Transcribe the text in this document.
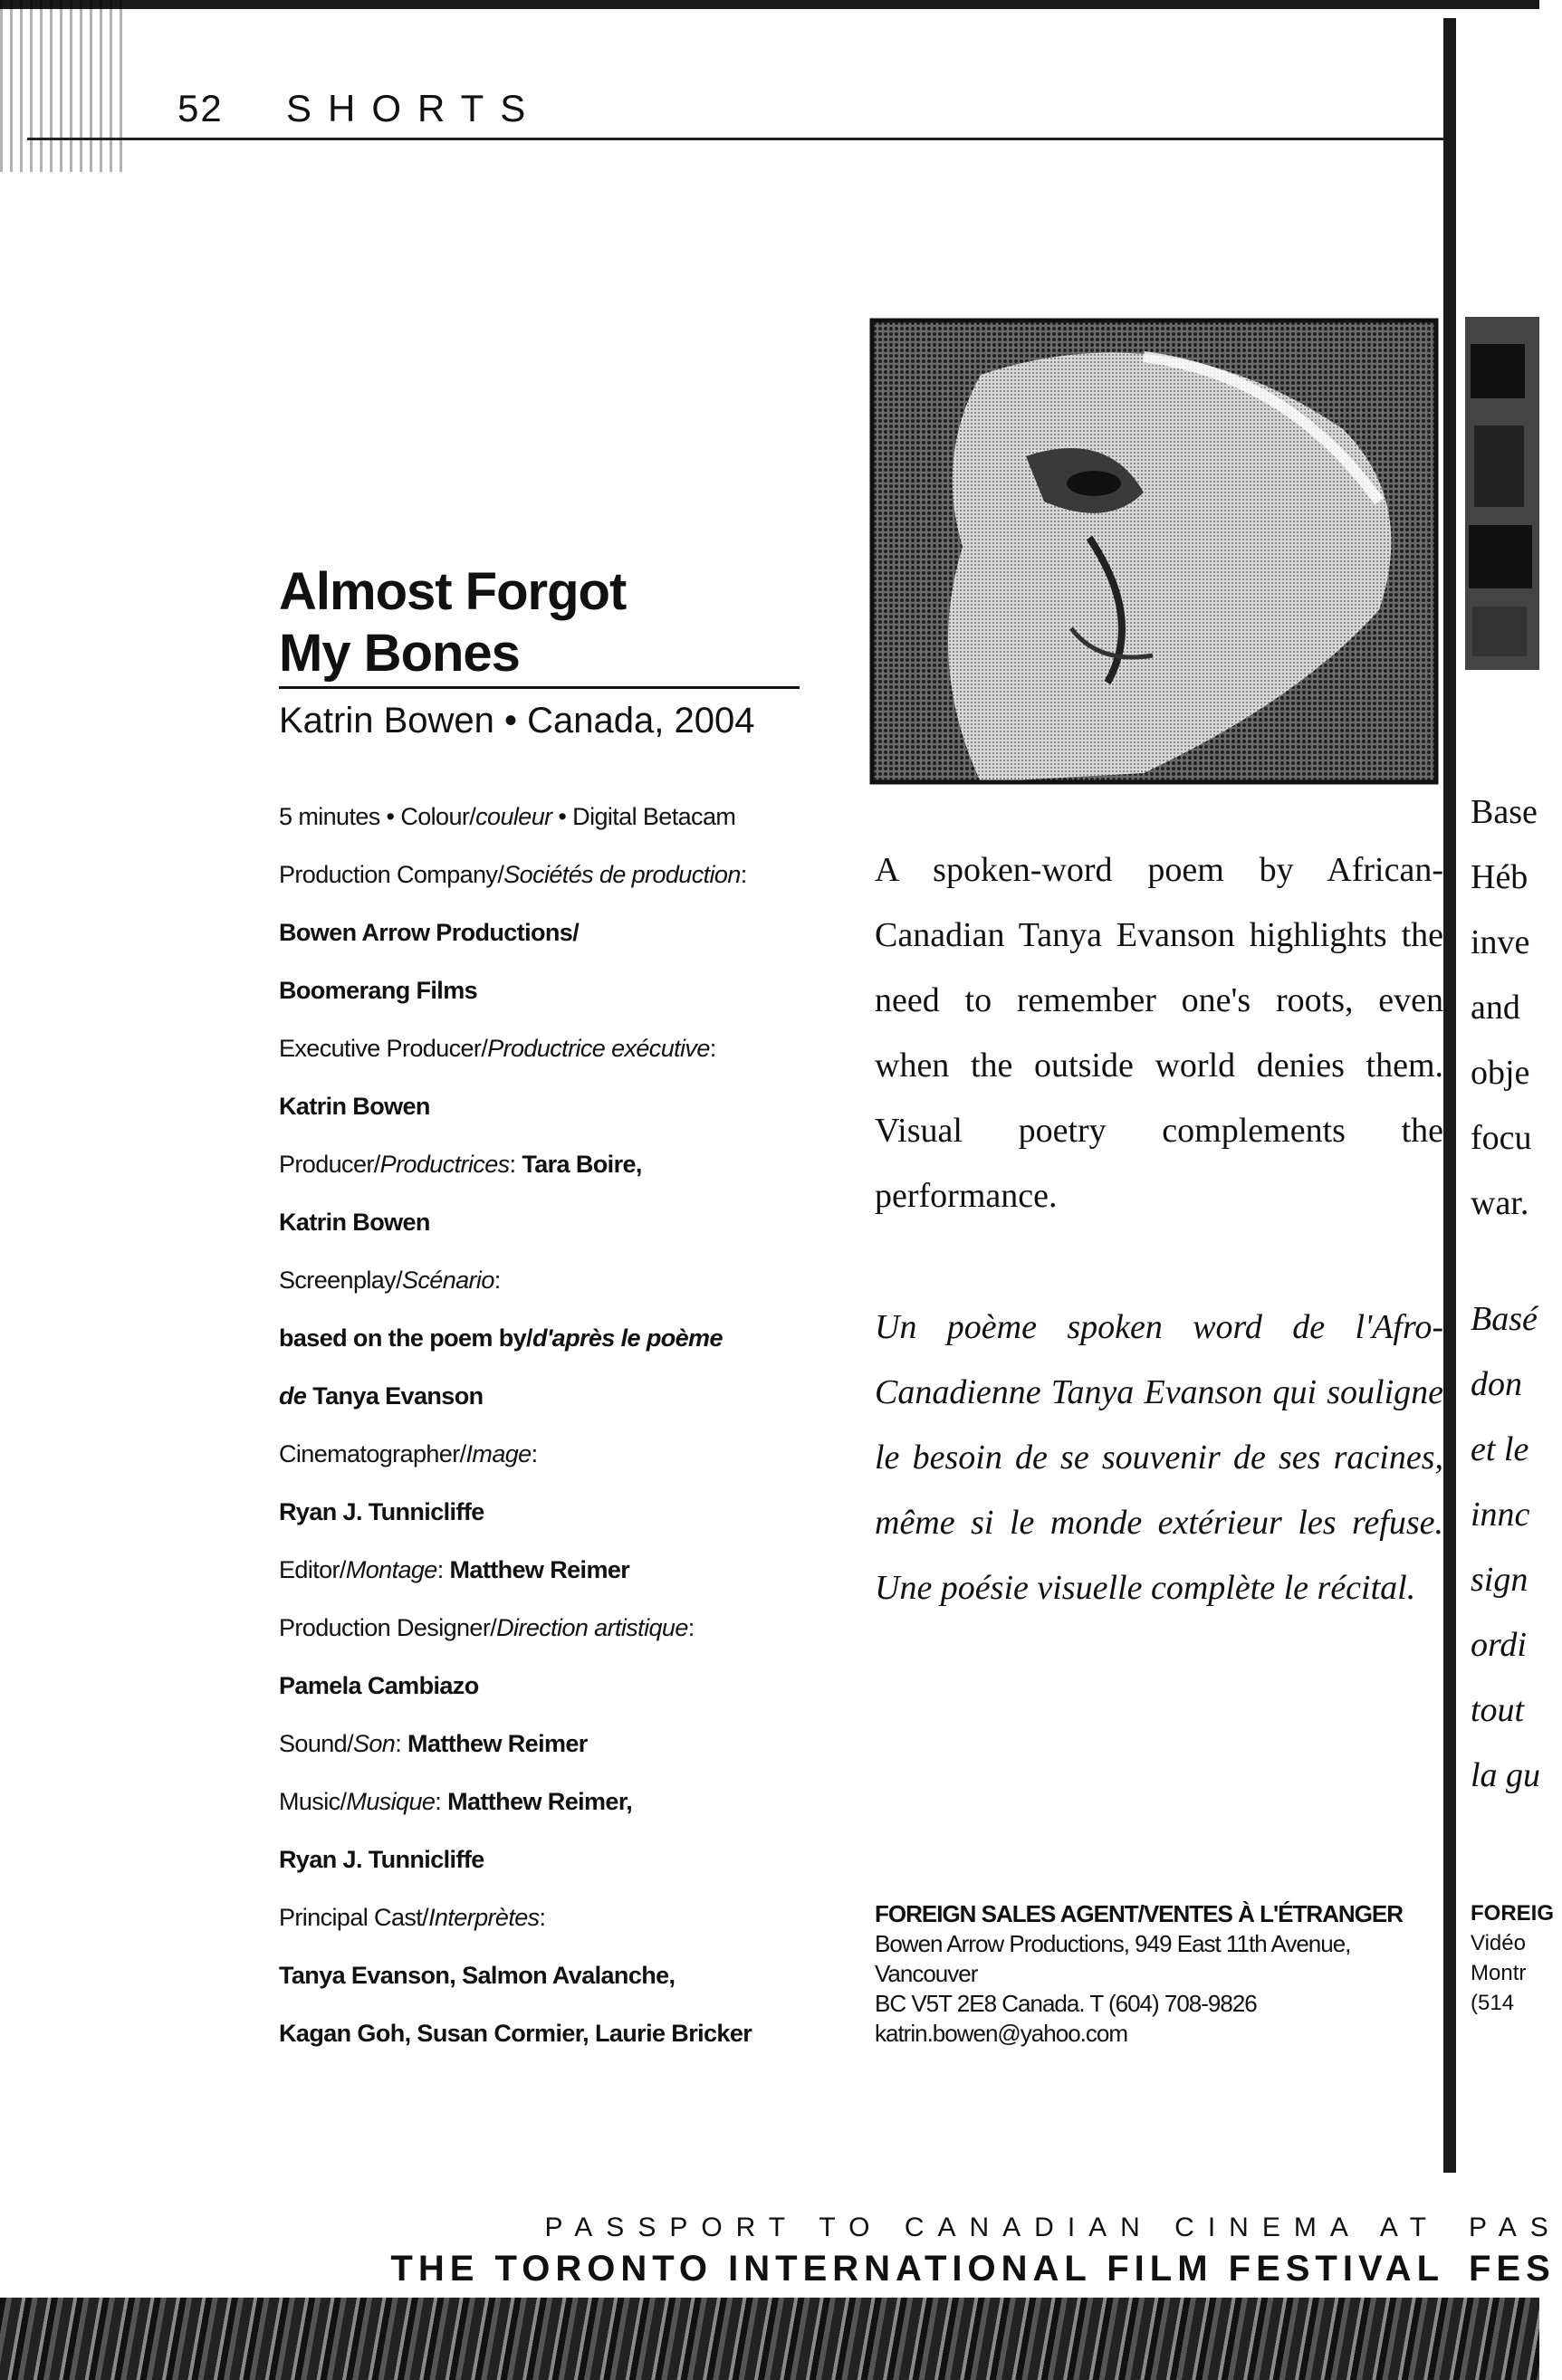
52 SHORTS
Almost Forgot
My Bones
Katrin Bowen • Canada, 2004
5 minutes • Colour/couleur • Digital Betacam
Production Company/Sociétés de production:
Bowen Arrow Productions/
Boomerang Films
Executive Producer/Productrice exécutive:
Katrin Bowen
Producer/Productrices: Tara Boire,
Katrin Bowen
Screenplay/Scénario:
based on the poem by/d'après le poème
de Tanya Evanson
Cinematographer/Image:
Ryan J. Tunnicliffe
Editor/Montage: Matthew Reimer
Production Designer/Direction artistique:
Pamela Cambiazo
Sound/Son: Matthew Reimer
Music/Musique: Matthew Reimer,
Ryan J. Tunnicliffe
Principal Cast/Interprètes:
Tanya Evanson, Salmon Avalanche,
Kagan Goh, Susan Cormier, Laurie Bricker
A spoken-word poem by African-Canadian Tanya Evanson highlights the need to remember one's roots, even when the outside world denies them. Visual poetry complements the performance.
Un poème spoken word de l'Afro-Canadienne Tanya Evanson qui souligne le besoin de se souvenir de ses racines, même si le monde extérieur les refuse. Une poésie visuelle complète le récital.
FOREIGN SALES AGENT/VENTES À L'ÉTRANGER
Bowen Arrow Productions, 949 East 11th Avenue, Vancouver
BC V5T 2E8 Canada. T (604) 708-9826
katrin.bowen@yahoo.com
PASSPORT TO CANADIAN CINEMA AT
THE TORONTO INTERNATIONAL FILM FESTIVAL
Base
Héb
inve
and
obje
focu
war.
Basé
don
et le
innc
sign
ordi
tout
la gu
FOREIG
Vidéo
Montr
(514
PAS
FES
